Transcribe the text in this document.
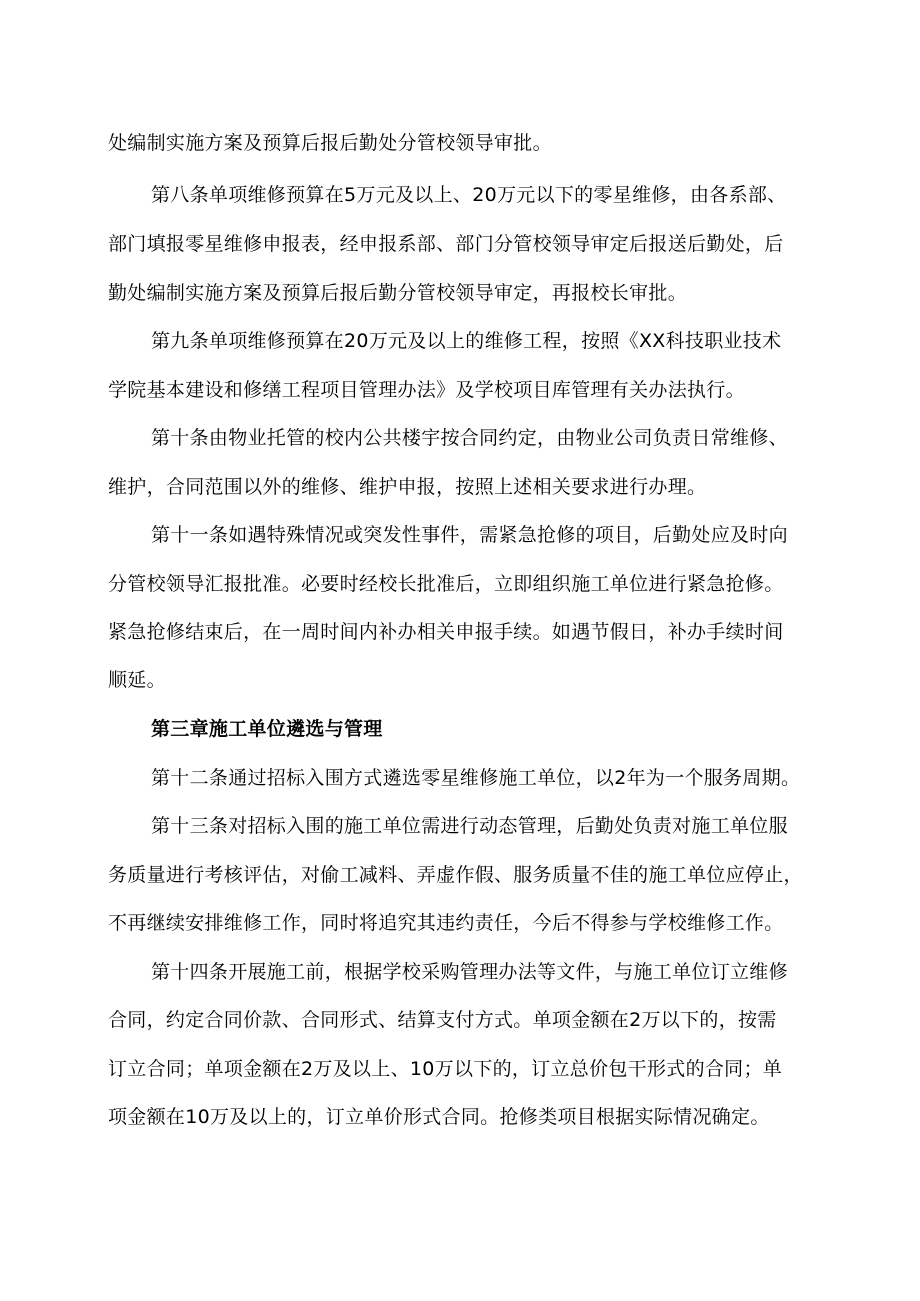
处编制实施方案及预算后报后勤处分管校领导审批。
第八条单项维修预算在5万元及以上、20万元以下的零星维修，由各系部、
部门填报零星维修申报表，经申报系部、部门分管校领导审定后报送后勤处，后
勤处编制实施方案及预算后报后勤分管校领导审定，再报校长审批。
第九条单项维修预算在20万元及以上的维修工程，按照《XX科技职业技术
学院基本建设和修缮工程项目管理办法》及学校项目库管理有关办法执行。
第十条由物业托管的校内公共楼宇按合同约定，由物业公司负责日常维修、
维护，合同范围以外的维修、维护申报，按照上述相关要求进行办理。
第十一条如遇特殊情况或突发性事件，需紧急抢修的项目，后勤处应及时向
分管校领导汇报批准。必要时经校长批准后，立即组织施工单位进行紧急抢修。
紧急抢修结束后，在一周时间内补办相关申报手续。如遇节假日，补办手续时间
顺延。
第三章施工单位遴选与管理
第十二条通过招标入围方式遴选零星维修施工单位，以2年为一个服务周期。
第十三条对招标入围的施工单位需进行动态管理，后勤处负责对施工单位服
务质量进行考核评估，对偷工减料、弄虚作假、服务质量不佳的施工单位应停止，
不再继续安排维修工作，同时将追究其违约责任，今后不得参与学校维修工作。
第十四条开展施工前，根据学校采购管理办法等文件，与施工单位订立维修
合同，约定合同价款、合同形式、结算支付方式。单项金额在2万以下的，按需
订立合同；单项金额在2万及以上、10万以下的，订立总价包干形式的合同；单
项金额在10万及以上的，订立单价形式合同。抢修类项目根据实际情况确定。
